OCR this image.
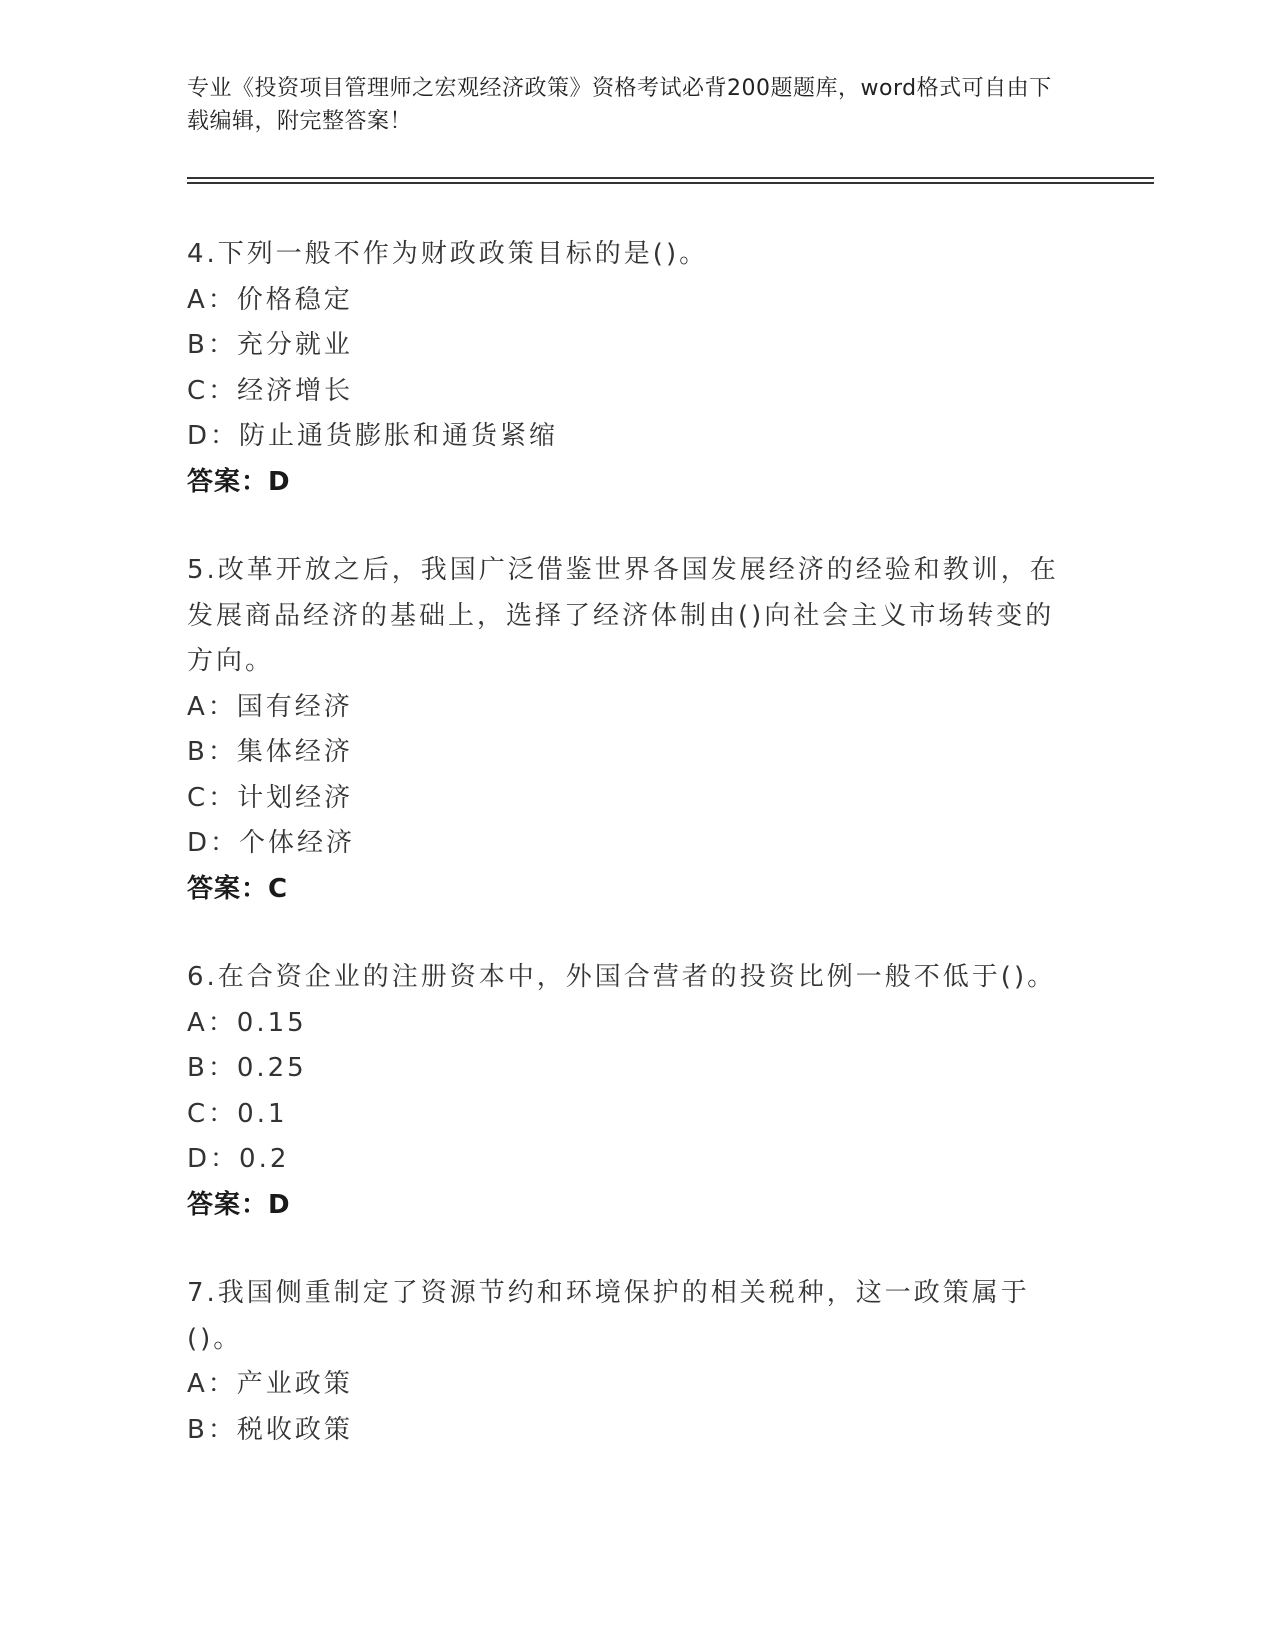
专业《投资项目管理师之宏观经济政策》资格考试必背200题题库，word格式可自由下载编辑，附完整答案！
4.下列一般不作为财政政策目标的是()。
A：价格稳定
B：充分就业
C：经济增长
D：防止通货膨胀和通货紧缩
答案：D
5.改革开放之后，我国广泛借鉴世界各国发展经济的经验和教训，在发展商品经济的基础上，选择了经济体制由()向社会主义市场转变的方向。
A：国有经济
B：集体经济
C：计划经济
D：个体经济
答案：C
6.在合资企业的注册资本中，外国合营者的投资比例一般不低于()。
A：0.15
B：0.25
C：0.1
D：0.2
答案：D
7.我国侧重制定了资源节约和环境保护的相关税种，这一政策属于()。
A：产业政策
B：税收政策
